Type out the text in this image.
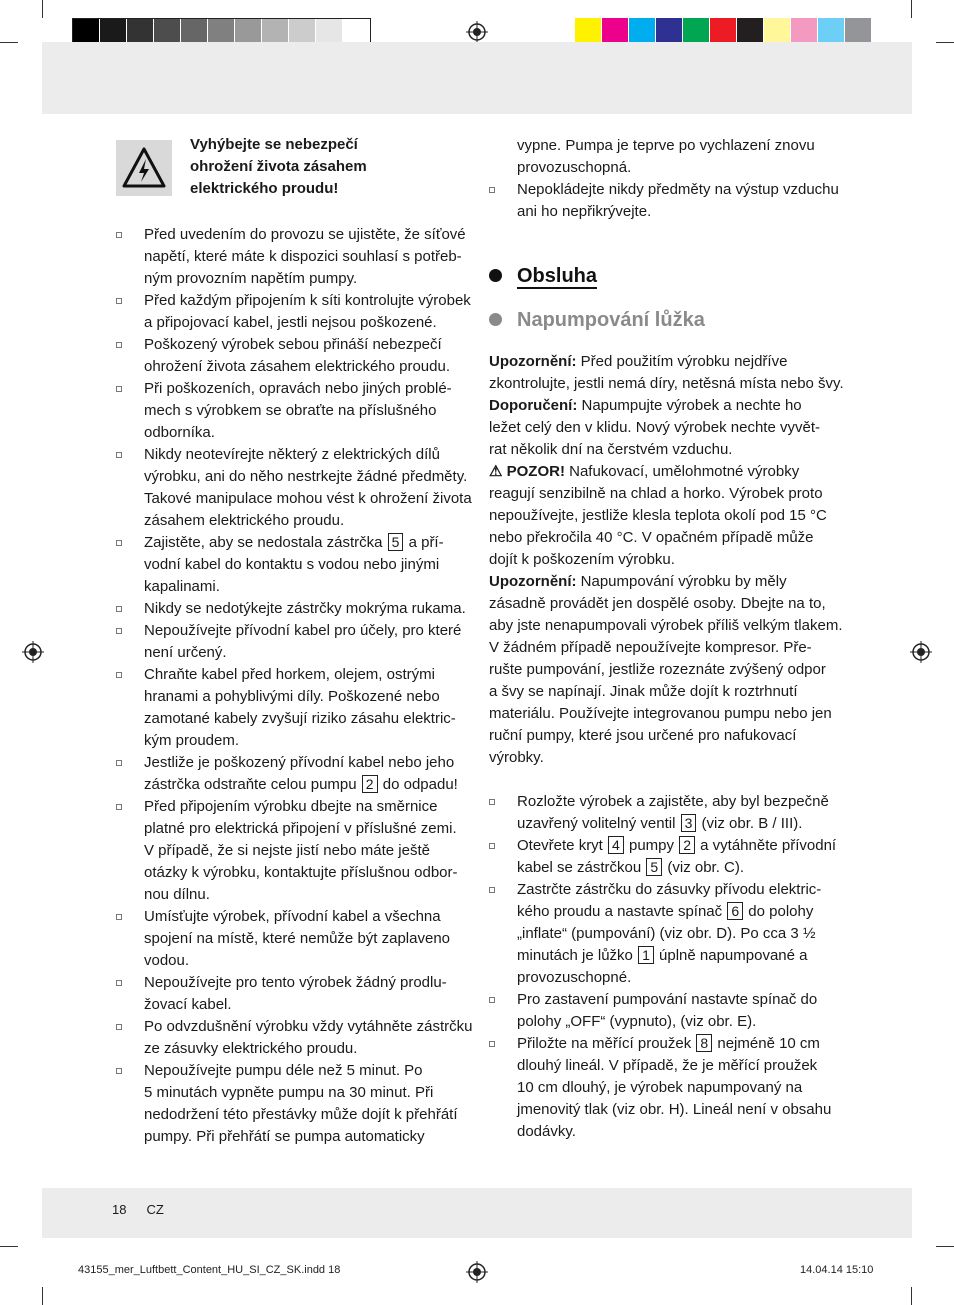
Vyhýbejte se nebezpečí
ohrožení života zásahem
elektrického proudu!
Před uvedením do provozu se ujistěte, že síťové
napětí, které máte k dispozici souhlasí s potřeb-
ným provozním napětím pumpy.
Před každým připojením k síti kontrolujte výrobek
a připojovací kabel, jestli nejsou poškozené.
Poškozený výrobek sebou přináší nebezpečí
ohrožení života zásahem elektrického proudu.
Při poškozeních, opravách nebo jiných problé-
mech s výrobkem se obraťte na příslušného
odborníka.
Nikdy neotevírejte některý z elektrických dílů
výrobku, ani do něho nestrkejte žádné předměty.
Takové manipulace mohou vést k ohrožení života
zásahem elektrického proudu.
Zajistěte, aby se nedostala zástrčka 5 a pří-
vodní kabel do kontaktu s vodou nebo jinými
kapalinami.
Nikdy se nedotýkejte zástrčky mokrýma rukama.
Nepoužívejte přívodní kabel pro účely, pro které
není určený.
Chraňte kabel před horkem, olejem, ostrými
hranami a pohyblivými díly. Poškozené nebo
zamotané kabely zvyšují riziko zásahu elektric-
kým proudem.
Jestliže je poškozený přívodní kabel nebo jeho
zástrčka odstraňte celou pumpu 2 do odpadu!
Před připojením výrobku dbejte na směrnice
platné pro elektrická připojení v příslušné zemi.
V případě, že si nejste jistí nebo máte ještě
otázky k výrobku, kontaktujte příslušnou odbor-
nou dílnu.
Umísťujte výrobek, přívodní kabel a všechna
spojení na místě, které nemůže být zaplaveno
vodou.
Nepoužívejte pro tento výrobek žádný prodlu-
žovací kabel.
Po odvzdušnění výrobku vždy vytáhněte zástrčku
ze zásuvky elektrického proudu.
Nepoužívejte pumpu déle než 5 minut. Po
5 minutách vypněte pumpu na 30 minut. Při
nedodržení této přestávky může dojít k přehřátí
pumpy. Při přehřátí se pumpa automaticky
vypne. Pumpa je teprve po vychlazení znovu
provozuschopná.
Nepokládejte nikdy předměty na výstup vzduchu
ani ho nepřikrývejte.
Obsluha
Napumpování lůžka
Upozornění: Před použitím výrobku nejdříve
zkontrolujte, jestli nemá díry, netěsná místa nebo švy.
Doporučení: Napumpujte výrobek a nechte ho
ležet celý den v klidu. Nový výrobek nechte vyvět-
rat několik dní na čerstvém vzduchu.
⚠ POZOR! Nafukovací, umělohmotné výrobky
reagují senzibilně na chlad a horko. Výrobek proto
nepoužívejte, jestliže klesla teplota okolí pod 15 °C
nebo překročila 40 °C. V opačném případě může
dojít k poškozením výrobku.
Upozornění: Napumpování výrobku by měly
zásadně provádět jen dospělé osoby. Dbejte na to,
aby jste nenapumpovali výrobek příliš velkým tlakem.
V žádném případě nepoužívejte kompresor. Pře-
rušte pumpování, jestliže rozeznáte zvýšený odpor
a švy se napínají. Jinak může dojít k roztrhnutí
materiálu. Používejte integrovanou pumpu nebo jen
ruční pumpy, které jsou určené pro nafukovací
výrobky.
Rozložte výrobek a zajistěte, aby byl bezpečně
uzavřený volitelný ventil 3 (viz obr. B / III).
Otevřete kryt 4 pumpy 2 a vytáhněte přívodní
kabel se zástrčkou 5 (viz obr. C).
Zastrčte zástrčku do zásuvky přívodu elektric-
kého proudu a nastavte spínač 6 do polohy
„inflate“ (pumpování) (viz obr. D). Po cca 3 ½
minutách je lůžko 1 úplně napumpované a
provozuschopné.
Pro zastavení pumpování nastavte spínač do
polohy „OFF“ (vypnuto), (viz obr. E).
Přiložte na měřící proužek 8 nejméně 10 cm
dlouhý lineál. V případě, že je měřící proužek
10 cm dlouhý, je výrobek napumpovaný na
jmenovitý tlak (viz obr. H). Lineál není v obsahu
dodávky.
18 CZ
43155_mer_Luftbett_Content_HU_SI_CZ_SK.indd 18	14.04.14 15:10
